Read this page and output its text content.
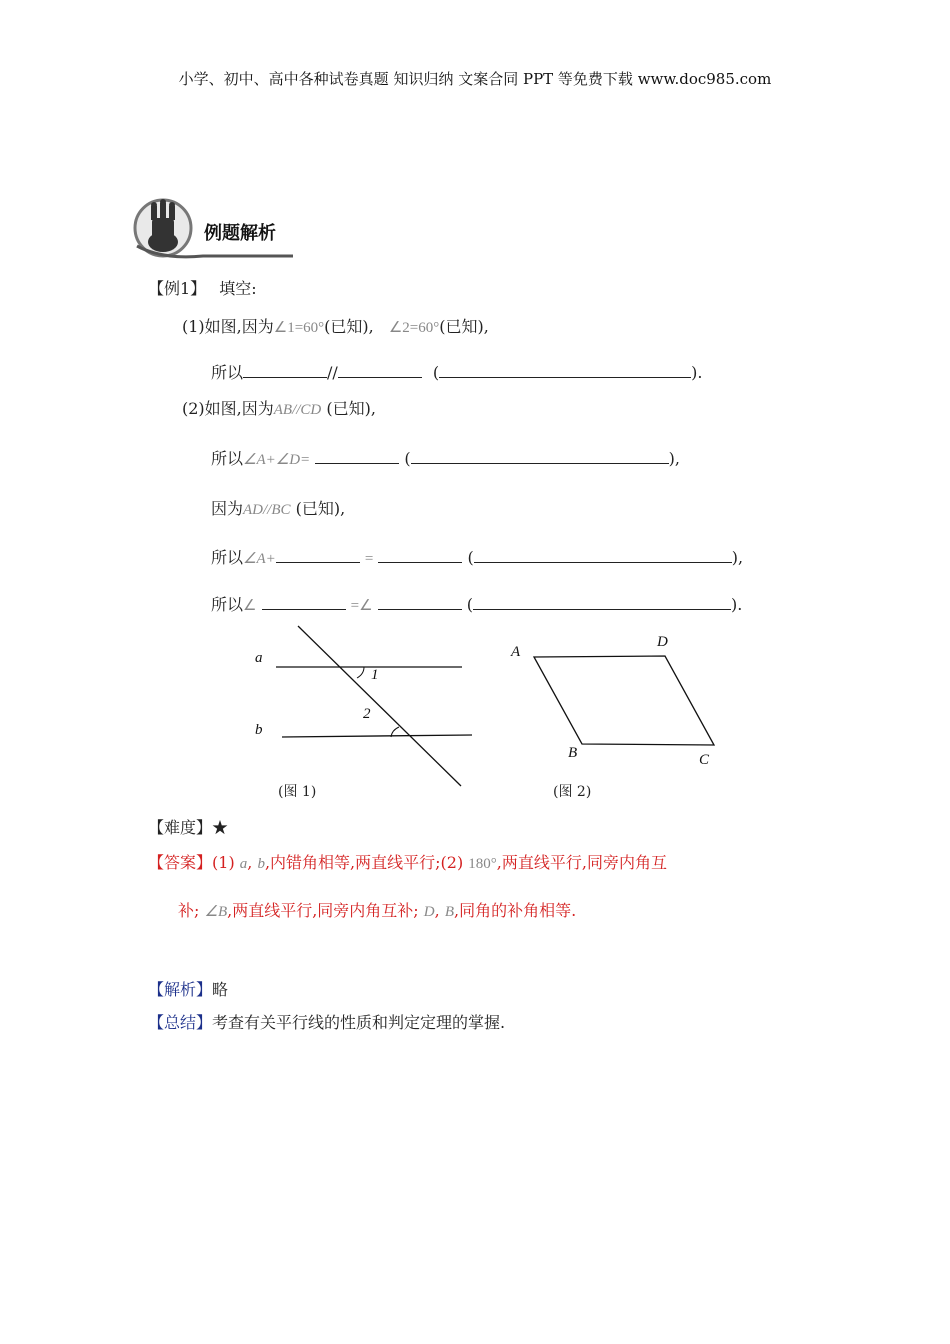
小学、初中、高中各种试卷真题 知识归纳 文案合同 PPT 等免费下载 www.doc985.com
例题解析
【例1】 填空:
(1)如图,因为∠1=60°(已知), ∠2=60°(已知),
所以	//	(	).
(2)如图,因为AB//CD (已知),
所以∠A+∠D=	(	),
因为AD//BC (已知),
所以∠A+	=	(	),
所以∠	=∠	(	).
a
b
1
2
(图 1)
A
D
B	C
(图 2)
【难度】★
【答案】(1) a, b,内错角相等,两直线平行;(2) 180°,两直线平行,同旁内角互
补; ∠B,两直线平行,同旁内角互补; D, B,同角的补角相等.
【解析】略
【总结】考查有关平行线的性质和判定定理的掌握.
